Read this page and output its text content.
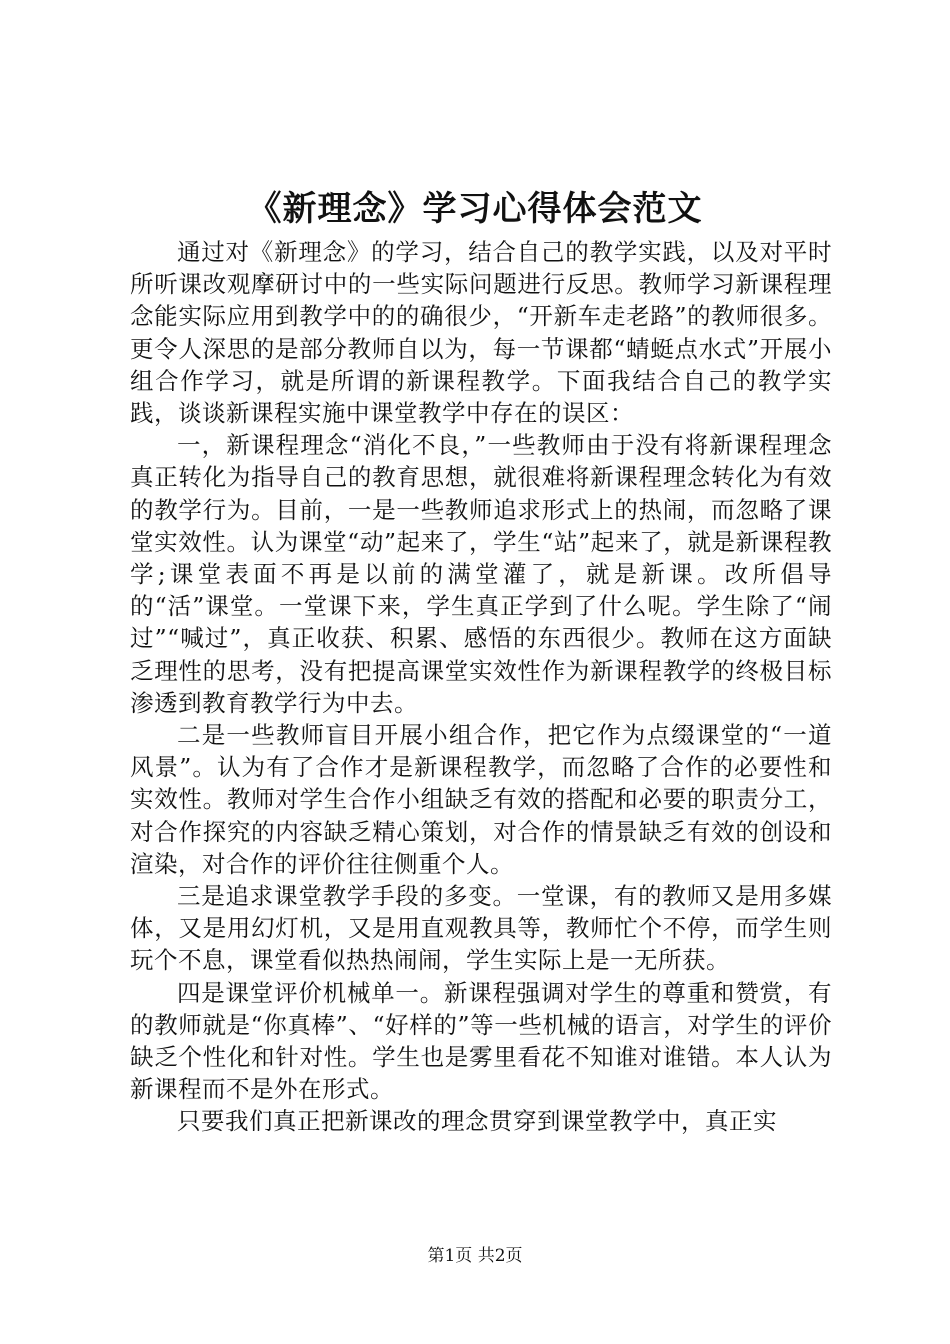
《新理念》学习心得体会范文

通过对《新理念》的学习，结合自己的教学实践，以及对平时所听课改观摩研讨中的一些实际问题进行反思。教师学习新课程理念能实际应用到教学中的的确很少，“开新车走老路”的教师很多。更令人深思的是部分教师自以为，每一节课都“蜻蜓点水式”开展小组合作学习，就是所谓的新课程教学。下面我结合自己的教学实践，谈谈新课程实施中课堂教学中存在的误区：

一，新课程理念“消化不良，”一些教师由于没有将新课程理念真正转化为指导自己的教育思想，就很难将新课程理念转化为有效的教学行为。目前，一是一些教师追求形式上的热闹，而忽略了课堂实效性。认为课堂“动”起来了，学生“站”起来了，就是新课程教学;课堂表面不再是以前的满堂灌了，就是新课。改所倡导的“活”课堂。一堂课下来，学生真正学到了什么呢。学生除了“闹过”“喊过”，真正收获、积累、感悟的东西很少。教师在这方面缺乏理性的思考，没有把提高课堂实效性作为新课程教学的终极目标渗透到教育教学行为中去。

二是一些教师盲目开展小组合作，把它作为点缀课堂的“一道风景”。认为有了合作才是新课程教学，而忽略了合作的必要性和实效性。教师对学生合作小组缺乏有效的搭配和必要的职责分工，对合作探究的内容缺乏精心策划，对合作的情景缺乏有效的创设和渲染，对合作的评价往往侧重个人。

三是追求课堂教学手段的多变。一堂课，有的教师又是用多媒体，又是用幻灯机，又是用直观教具等，教师忙个不停，而学生则玩个不息，课堂看似热热闹闹，学生实际上是一无所获。

四是课堂评价机械单一。新课程强调对学生的尊重和赞赏，有的教师就是“你真棒”、“好样的”等一些机械的语言，对学生的评价缺乏个性化和针对性。学生也是雾里看花不知谁对谁错。本人认为新课程而不是外在形式。

只要我们真正把新课改的理念贯穿到课堂教学中，真正实

第1页 共2页
